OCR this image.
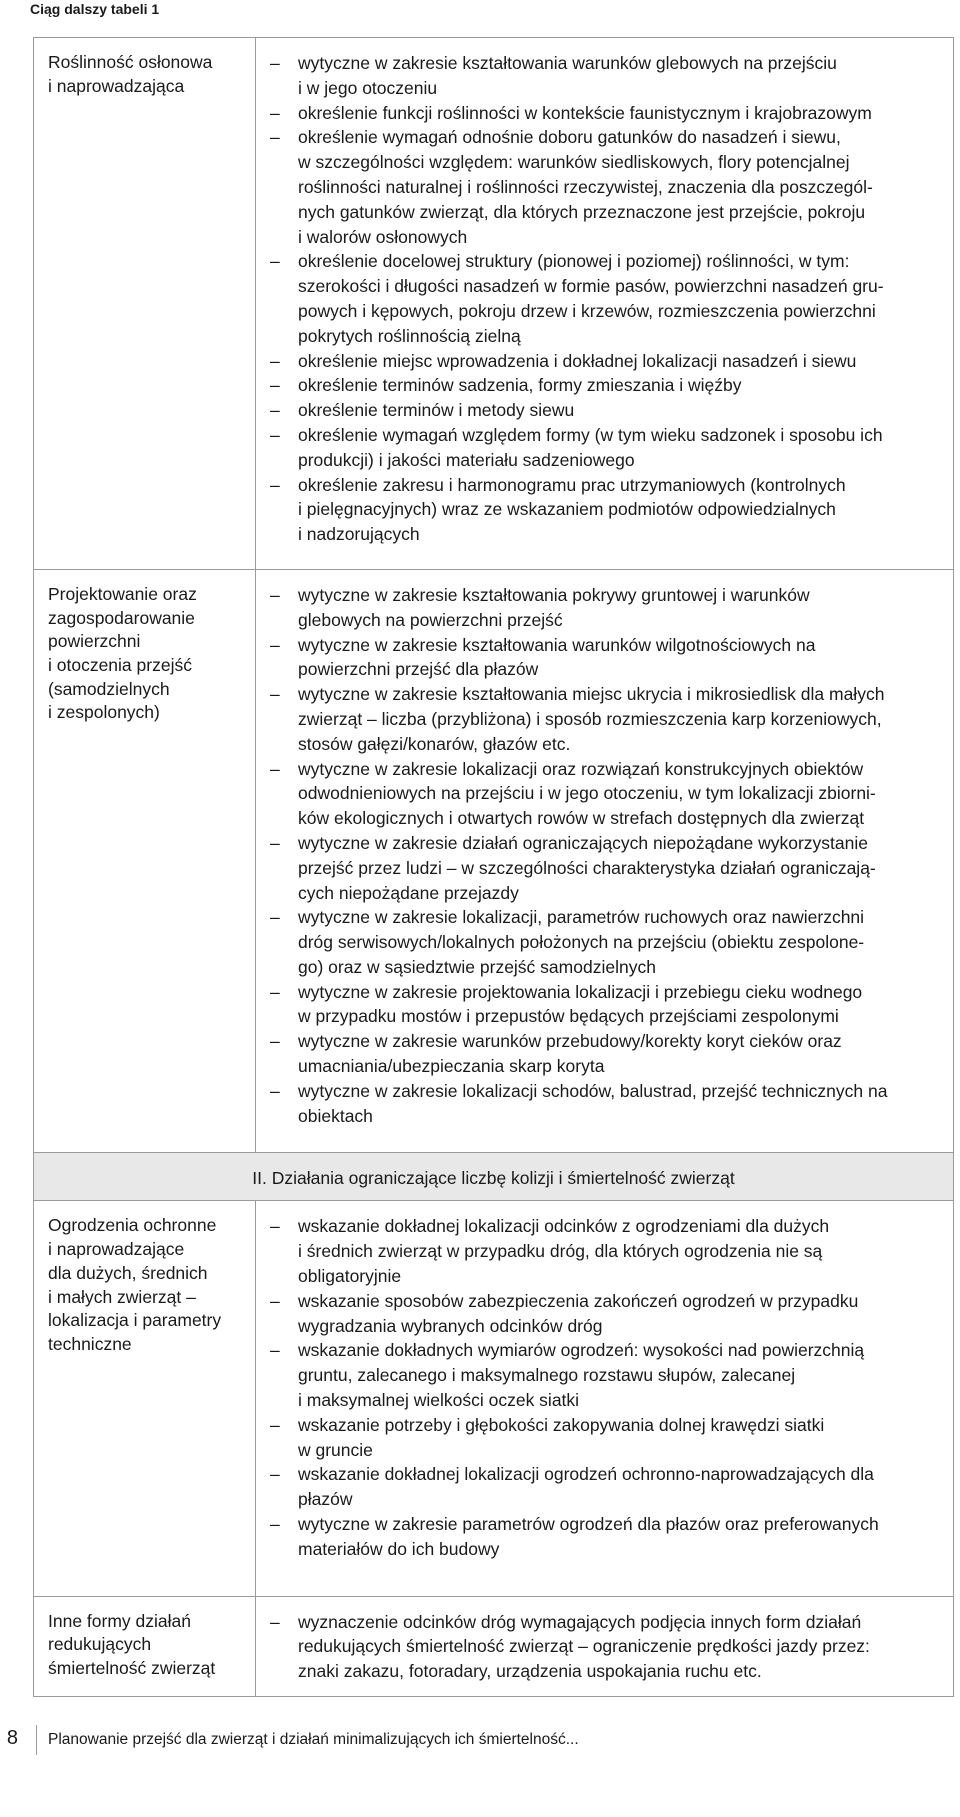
Ciąg dalszy tabeli 1
Roślinność osłonowa
i naprowadzająca
– wytyczne w zakresie kształtowania warunków glebowych na przejściu
i w jego otoczeniu
– określenie funkcji roślinności w kontekście faunistycznym i krajobrazowym
– określenie wymagań odnośnie doboru gatunków do nasadzeń i siewu,
w szczególności względem: warunków siedliskowych, flory potencjalnej
roślinności naturalnej i roślinności rzeczywistej, znaczenia dla poszczegól-
nych gatunków zwierząt, dla których przeznaczone jest przejście, pokroju
i walorów osłonowych
– określenie docelowej struktury (pionowej i poziomej) roślinności, w tym:
szerokości i długości nasadzeń w formie pasów, powierzchni nasadzeń gru-
powych i kępowych, pokroju drzew i krzewów, rozmieszczenia powierzchni
pokrytych roślinnością zielną
– określenie miejsc wprowadzenia i dokładnej lokalizacji nasadzeń i siewu
– określenie terminów sadzenia, formy zmieszania i więźby
– określenie terminów i metody siewu
– określenie wymagań względem formy (w tym wieku sadzonek i sposobu ich
produkcji) i jakości materiału sadzeniowego
– określenie zakresu i harmonogramu prac utrzymaniowych (kontrolnych
i pielęgnacyjnych) wraz ze wskazaniem podmiotów odpowiedzialnych
i nadzorujących
Projektowanie oraz
zagospodarowanie
powierzchni
i otoczenia przejść
(samodzielnych
i zespolonych)
– wytyczne w zakresie kształtowania pokrywy gruntowej i warunków
glebowych na powierzchni przejść
– wytyczne w zakresie kształtowania warunków wilgotnościowych na
powierzchni przejść dla płazów
– wytyczne w zakresie kształtowania miejsc ukrycia i mikrosiedlisk dla małych
zwierząt – liczba (przybliżona) i sposób rozmieszczenia karp korzeniowych,
stosów gałęzi/konarów, głazów etc.
– wytyczne w zakresie lokalizacji oraz rozwiązań konstrukcyjnych obiektów
odwodnieniowych na przejściu i w jego otoczeniu, w tym lokalizacji zbiorni-
ków ekologicznych i otwartych rowów w strefach dostępnych dla zwierząt
– wytyczne w zakresie działań ograniczających niepożądane wykorzystanie
przejść przez ludzi – w szczególności charakterystyka działań ograniczają-
cych niepożądane przejazdy
– wytyczne w zakresie lokalizacji, parametrów ruchowych oraz nawierzchni
dróg serwisowych/lokalnych położonych na przejściu (obiektu zespolone-
go) oraz w sąsiedztwie przejść samodzielnych
– wytyczne w zakresie projektowania lokalizacji i przebiegu cieku wodnego
w przypadku mostów i przepustów będących przejściami zespolonymi
– wytyczne w zakresie warunków przebudowy/korekty koryt cieków oraz
umacniania/ubezpieczania skarp koryta
– wytyczne w zakresie lokalizacji schodów, balustrad, przejść technicznych na
obiektach
II. Działania ograniczające liczbę kolizji i śmiertelność zwierząt
Ogrodzenia ochronne
i naprowadzające
dla dużych, średnich
i małych zwierząt –
lokalizacja i parametry
techniczne
– wskazanie dokładnej lokalizacji odcinków z ogrodzeniami dla dużych
i średnich zwierząt w przypadku dróg, dla których ogrodzenia nie są
obligatoryjnie
– wskazanie sposobów zabezpieczenia zakończeń ogrodzeń w przypadku
wygradzania wybranych odcinków dróg
– wskazanie dokładnych wymiarów ogrodzeń: wysokości nad powierzchnią
gruntu, zalecanego i maksymalnego rozstawu słupów, zalecanej
i maksymalnej wielkości oczek siatki
– wskazanie potrzeby i głębokości zakopywania dolnej krawędzi siatki
w gruncie
– wskazanie dokładnej lokalizacji ogrodzeń ochronno-naprowadzających dla
płazów
– wytyczne w zakresie parametrów ogrodzeń dla płazów oraz preferowanych
materiałów do ich budowy
Inne formy działań
redukujących
śmiertelność zwierząt
– wyznaczenie odcinków dróg wymagających podjęcia innych form działań
redukujących śmiertelność zwierząt – ograniczenie prędkości jazdy przez:
znaki zakazu, fotoradary, urządzenia uspokajania ruchu etc.
8 Planowanie przejść dla zwierząt i działań minimalizujących ich śmiertelność...
